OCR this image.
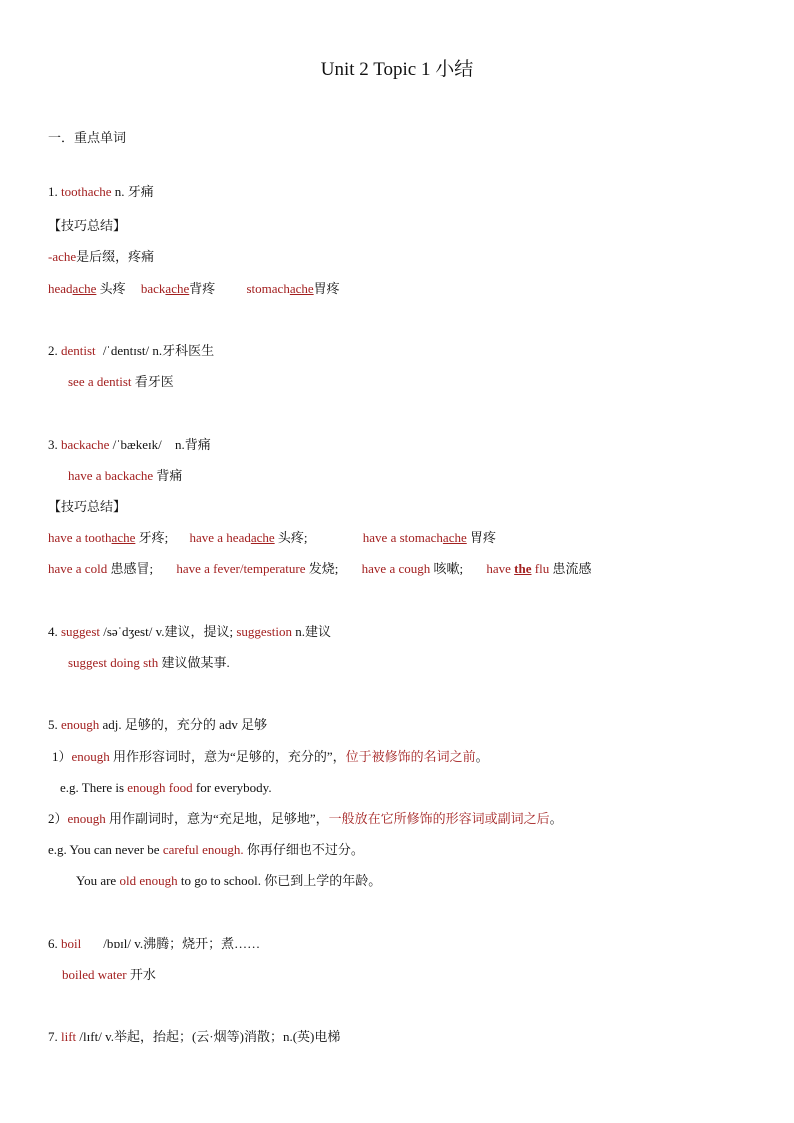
Unit 2 Topic 1 小结
一．重点单词
1. toothache n. 牙痛
【技巧总结】
-ache是后缀，疼痛
headache 头疼 backache背疼 stomachache胃疼
2. dentist /ˈdentɪst/ n.牙科医生
see a dentist 看牙医
3. backache /ˈbækeɪk/ n.背痛
have a backache 背痛
【技巧总结】
have a toothache 牙疼; have a headache 头疼;	have a stomachache 胃疼
have a cold 患感冒; have a fever/temperature 发烧; have a cough 咳嗽; have the flu 患流感
4. suggest /səˈdʒest/ v.建议，提议; suggestion n.建议
suggest doing sth 建议做某事.
5. enough adj. 足够的，充分的 adv 足够
1）enough 用作形容词时，意为“足够的，充分的”，位于被修饰的名词之前。
e.g. There is enough food for everybody.
2）enough 用作副词时，意为“充足地，足够地”，一般放在它所修饰的形容词或副词之后。
e.g. You can never be careful enough. 你再仔细也不过分。
You are old enough to go to school. 你已到上学的年龄。
6. boil /bɒɪl/ v.沸腾；烧开；煮……
boiled water 开水
7. lift /lɪft/ v.举起，抬起；(云·烟等)消散；n.(英)电梯
